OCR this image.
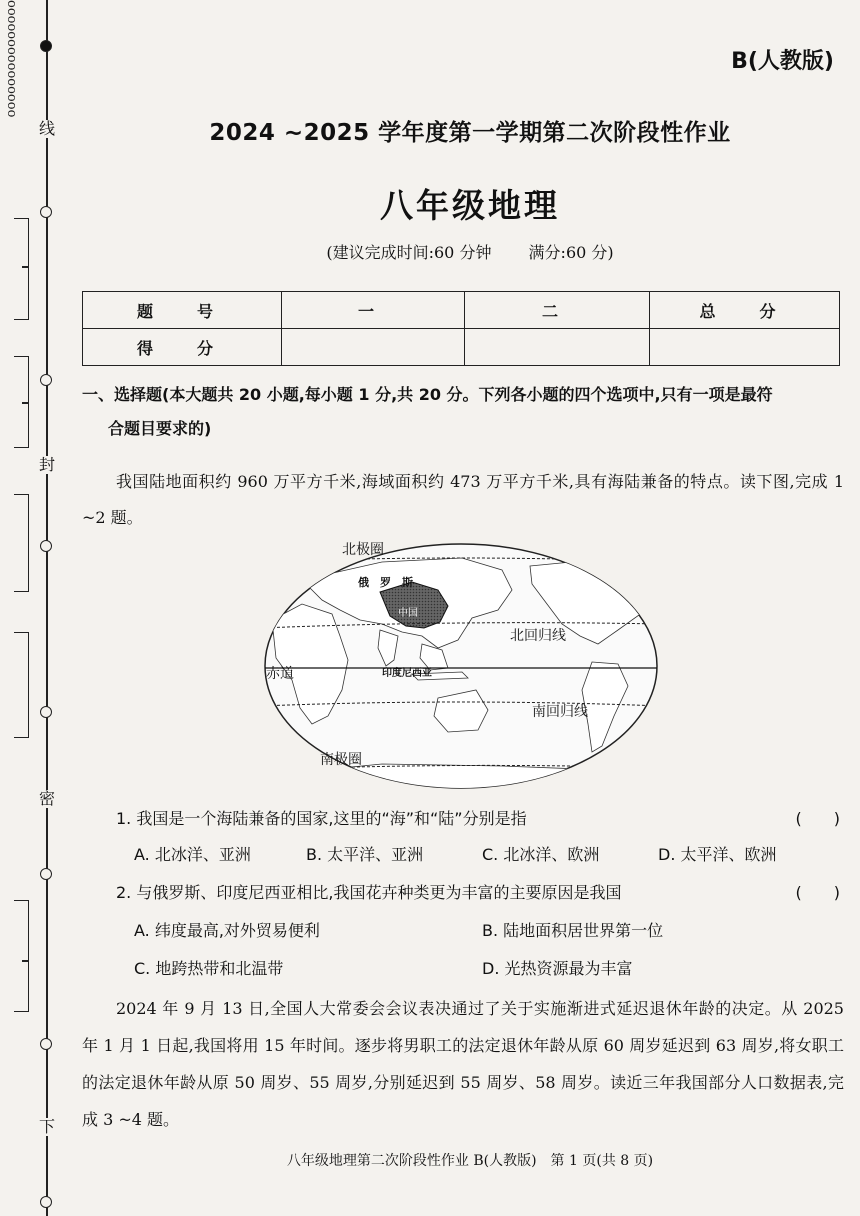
ooooooooooooooo
线
封
密
下
B(人教版)
2024 ~2025 学年度第一学期第二次阶段性作业
八年级地理
(建议完成时间:60 分钟 满分:60 分)
题　号	一	二	总　分
得　分			
一、选择题(本大题共 20 小题,每小题 1 分,共 20 分。下列各小题的四个选项中,只有一项是最符
合题目要求的)
我国陆地面积约 960 万平方千米,海域面积约 473 万平方千米,具有海陆兼备的特点。读下图,完成 1 ~2 题。
北极圈
俄　罗　斯
中国
北回归线
赤道	印度尼西亚
南回归线
南极圈
1. 我国是一个海陆兼备的国家,这里的“海”和“陆”分别是指	(　　)
A. 北冰洋、亚洲	B. 太平洋、亚洲	C. 北冰洋、欧洲	D. 太平洋、欧洲
2. 与俄罗斯、印度尼西亚相比,我国花卉种类更为丰富的主要原因是我国	(　　)
A. 纬度最高,对外贸易便利	B. 陆地面积居世界第一位
C. 地跨热带和北温带	D. 光热资源最为丰富
2024 年 9 月 13 日,全国人大常委会会议表决通过了关于实施渐进式延迟退休年龄的决定。从 2025 年 1 月 1 日起,我国将用 15 年时间。逐步将男职工的法定退休年龄从原 60 周岁延迟到 63 周岁,将女职工的法定退休年龄从原 50 周岁、55 周岁,分别延迟到 55 周岁、58 周岁。读近三年我国部分人口数据表,完成 3 ~4 题。
八年级地理第二次阶段性作业 B(人教版)　第 1 页(共 8 页)
